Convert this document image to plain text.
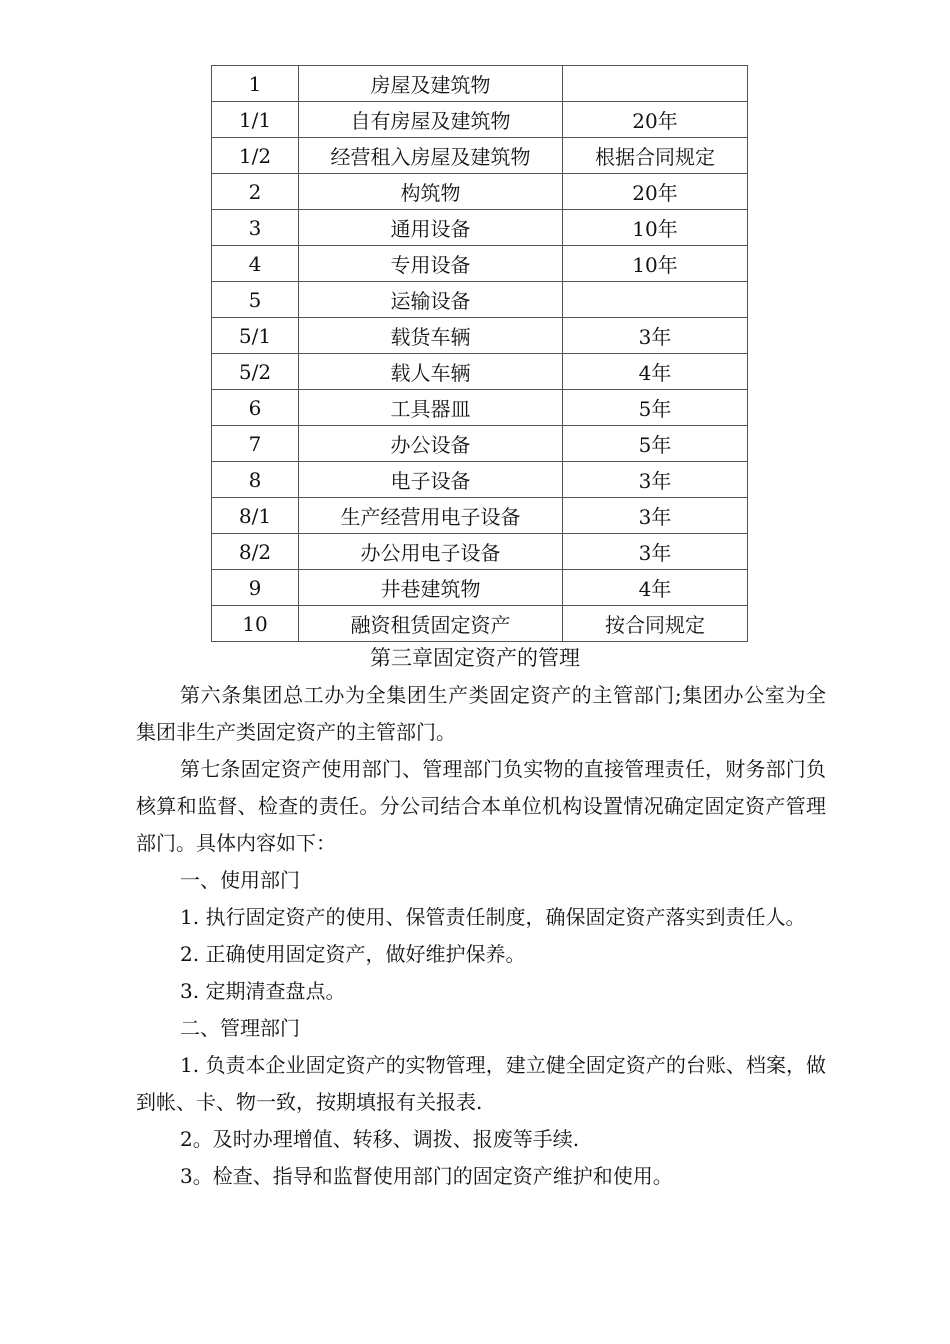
1	房屋及建筑物	
1/1	自有房屋及建筑物	20年
1/2	经营租入房屋及建筑物	根据合同规定
2	构筑物	20年
3	通用设备	10年
4	专用设备	10年
5	运输设备	
5/1	载货车辆	3年
5/2	载人车辆	4年
6	工具器皿	5年
7	办公设备	5年
8	电子设备	3年
8/1	生产经营用电子设备	3年
8/2	办公用电子设备	3年
9	井巷建筑物	4年
10	融资租赁固定资产	按合同规定
第三章固定资产的管理

第六条集团总工办为全集团生产类固定资产的主管部门;集团办公室为全集团非生产类固定资产的主管部门。

第七条固定资产使用部门、管理部门负实物的直接管理责任，财务部门负核算和监督、检查的责任。分公司结合本单位机构设置情况确定固定资产管理部门。具体内容如下：

一、使用部门

1. 执行固定资产的使用、保管责任制度，确保固定资产落实到责任人。

2. 正确使用固定资产，做好维护保养。

3. 定期清查盘点。

二、管理部门

1. 负责本企业固定资产的实物管理，建立健全固定资产的台账、档案，做到帐、卡、物一致，按期填报有关报表.

2。及时办理增值、转移、调拨、报废等手续.

3。检查、指导和监督使用部门的固定资产维护和使用。
